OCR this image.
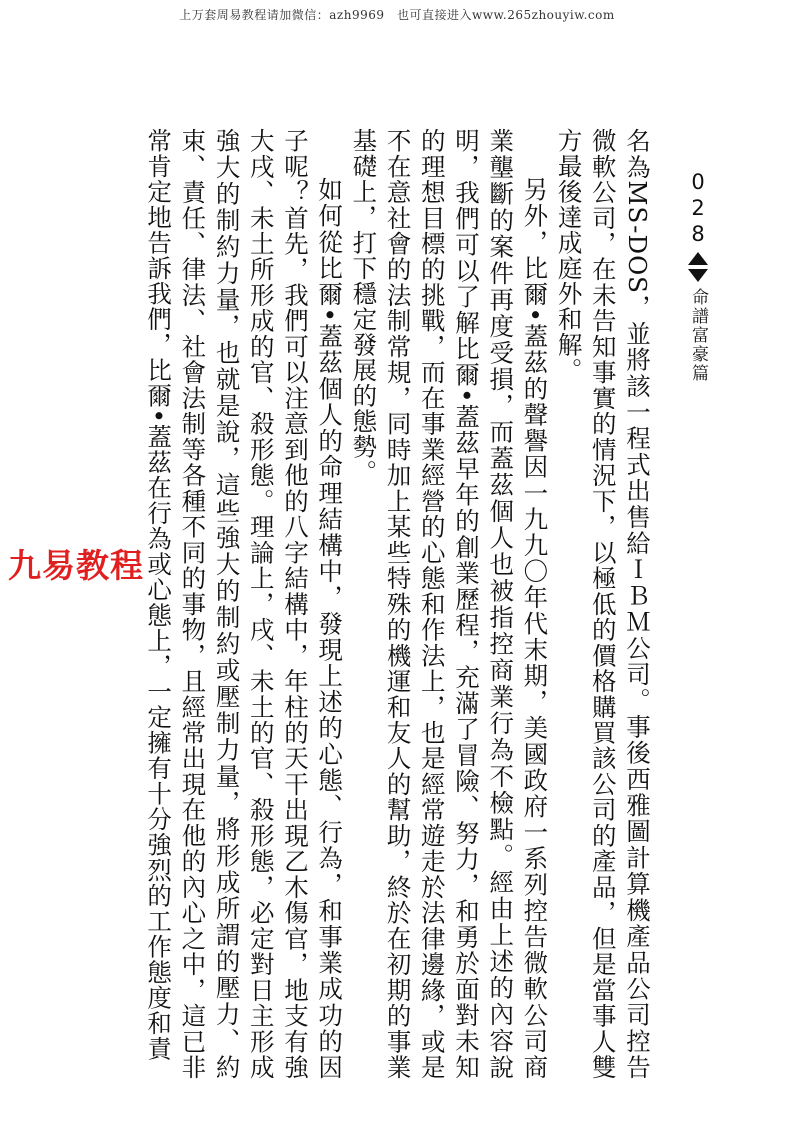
上万套周易教程请加微信：azh9969　也可直接进入www.265zhouyiw.com
028
命譜富豪篇

名為MS-DOS，並將該一程式出售給ＩＢＭ公司。事後西雅圖計算機產品公司控告微軟公司，在未告知事實的情況下，以極低的價格購買該公司的產品，但是當事人雙方最後達成庭外和解。

另外，比爾•蓋茲的聲譽因一九九〇年代末期，美國政府一系列控告微軟公司商業壟斷的案件再度受損，而蓋茲個人也被指控商業行為不檢點。經由上述的內容說明，我們可以了解比爾•蓋茲早年的創業歷程，充滿了冒險、努力，和勇於面對未知的理想目標的挑戰，而在事業經營的心態和作法上，也是經常遊走於法律邊緣，或是不在意社會的法制常規，同時加上某些特殊的機運和友人的幫助，終於在初期的事業基礎上，打下穩定發展的態勢。

如何從比爾•蓋茲個人的命理結構中，發現上述的心態、行為，和事業成功的因子呢？首先，我們可以注意到他的八字結構中，年柱的天干出現乙木傷官，地支有強大戌、未土所形成的官、殺形態。理論上，戌、未土的官、殺形態，必定對日主形成強大的制約力量，也就是說，這些強大的制約或壓制力量，將形成所謂的壓力、約束、責任、律法、社會法制等各種不同的事物，且經常出現在他的內心之中，這已非常肯定地告訴我們，比爾•蓋茲在行為或心態上，一定擁有十分強烈的工作態度和責

九易教程
